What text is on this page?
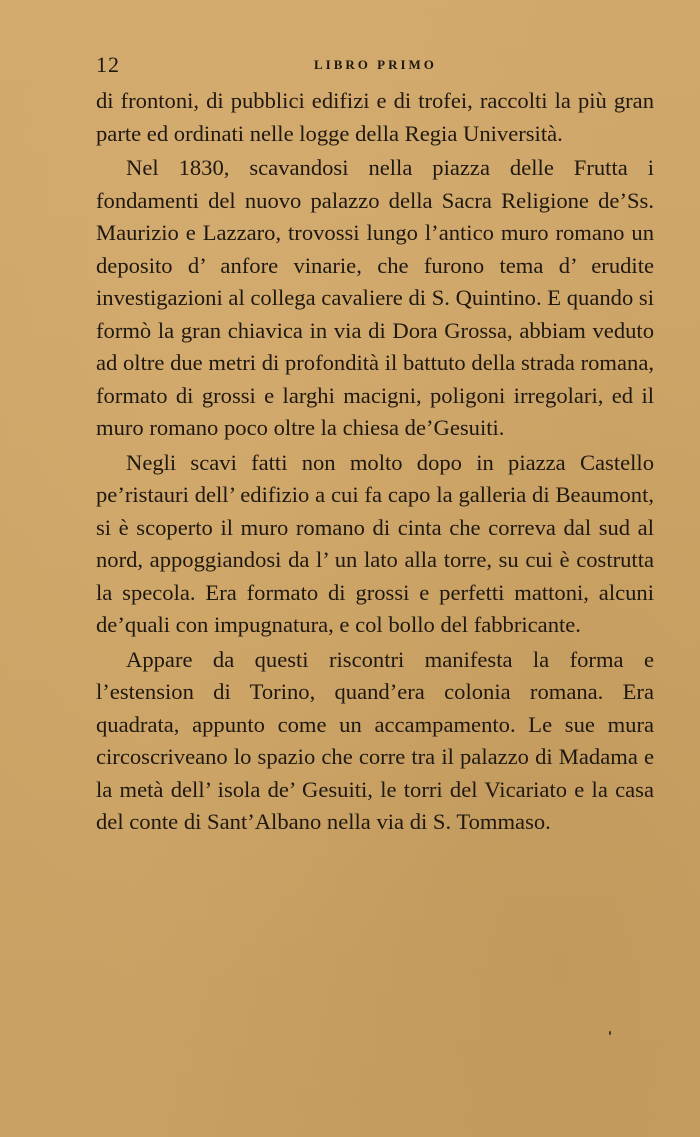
12	LIBRO PRIMO

di frontoni, di pubblici edifizi e di trofei, raccolti la più gran parte ed ordinati nelle logge della Regia Università.

Nel 1830, scavandosi nella piazza delle Frutta i fondamenti del nuovo palazzo della Sacra Religione de’Ss. Maurizio e Lazzaro, trovossi lungo l’antico muro romano un deposito d’ anfore vinarie, che furono tema d’ erudite investigazioni al collega cavaliere di S. Quintino. E quando si formò la gran chiavica in via di Dora Grossa, abbiam veduto ad oltre due metri di profondità il battuto della strada romana, formato di grossi e larghi macigni, poligoni irregolari, ed il muro romano poco oltre la chiesa de’Gesuiti.

Negli scavi fatti non molto dopo in piazza Castello pe’ristauri dell’ edifizio a cui fa capo la galleria di Beaumont, si è scoperto il muro romano di cinta che correva dal sud al nord, appoggiandosi da l’ un lato alla torre, su cui è costrutta la specola. Era formato di grossi e perfetti mattoni, alcuni de’quali con impugnatura, e col bollo del fabbricante.

Appare da questi riscontri manifesta la forma e l’estension di Torino, quand’era colonia romana. Era quadrata, appunto come un accampamento. Le sue mura circoscriveano lo spazio che corre tra il palazzo di Madama e la metà dell’ isola de’ Gesuiti, le torri del Vicariato e la casa del conte di Sant’Albano nella via di S. Tommaso.
